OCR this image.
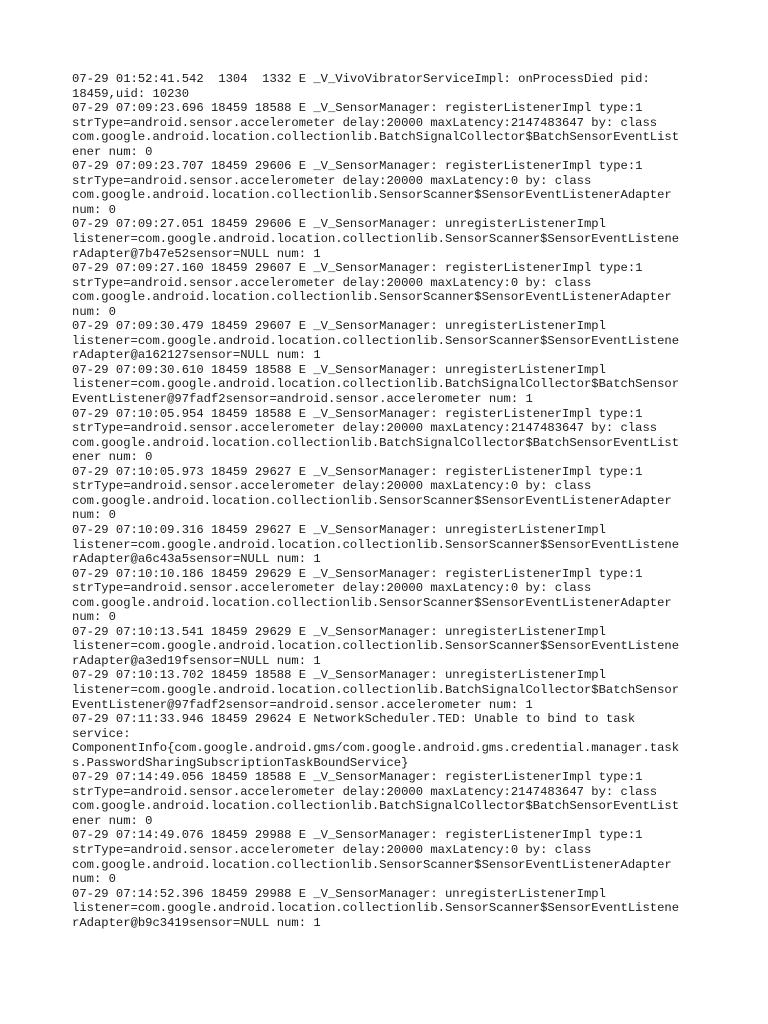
07-29 01:52:41.542  1304  1332 E _V_VivoVibratorServiceImpl: onProcessDied pid:
18459,uid: 10230
07-29 07:09:23.696 18459 18588 E _V_SensorManager: registerListenerImpl type:1
strType=android.sensor.accelerometer delay:20000 maxLatency:2147483647 by: class
com.google.android.location.collectionlib.BatchSignalCollector$BatchSensorEventList
ener num: 0
07-29 07:09:23.707 18459 29606 E _V_SensorManager: registerListenerImpl type:1
strType=android.sensor.accelerometer delay:20000 maxLatency:0 by: class
com.google.android.location.collectionlib.SensorScanner$SensorEventListenerAdapter
num: 0
07-29 07:09:27.051 18459 29606 E _V_SensorManager: unregisterListenerImpl
listener=com.google.android.location.collectionlib.SensorScanner$SensorEventListene
rAdapter@7b47e52sensor=NULL num: 1
07-29 07:09:27.160 18459 29607 E _V_SensorManager: registerListenerImpl type:1
strType=android.sensor.accelerometer delay:20000 maxLatency:0 by: class
com.google.android.location.collectionlib.SensorScanner$SensorEventListenerAdapter
num: 0
07-29 07:09:30.479 18459 29607 E _V_SensorManager: unregisterListenerImpl
listener=com.google.android.location.collectionlib.SensorScanner$SensorEventListene
rAdapter@a162127sensor=NULL num: 1
07-29 07:09:30.610 18459 18588 E _V_SensorManager: unregisterListenerImpl
listener=com.google.android.location.collectionlib.BatchSignalCollector$BatchSensor
EventListener@97fadf2sensor=android.sensor.accelerometer num: 1
07-29 07:10:05.954 18459 18588 E _V_SensorManager: registerListenerImpl type:1
strType=android.sensor.accelerometer delay:20000 maxLatency:2147483647 by: class
com.google.android.location.collectionlib.BatchSignalCollector$BatchSensorEventList
ener num: 0
07-29 07:10:05.973 18459 29627 E _V_SensorManager: registerListenerImpl type:1
strType=android.sensor.accelerometer delay:20000 maxLatency:0 by: class
com.google.android.location.collectionlib.SensorScanner$SensorEventListenerAdapter
num: 0
07-29 07:10:09.316 18459 29627 E _V_SensorManager: unregisterListenerImpl
listener=com.google.android.location.collectionlib.SensorScanner$SensorEventListene
rAdapter@a6c43a5sensor=NULL num: 1
07-29 07:10:10.186 18459 29629 E _V_SensorManager: registerListenerImpl type:1
strType=android.sensor.accelerometer delay:20000 maxLatency:0 by: class
com.google.android.location.collectionlib.SensorScanner$SensorEventListenerAdapter
num: 0
07-29 07:10:13.541 18459 29629 E _V_SensorManager: unregisterListenerImpl
listener=com.google.android.location.collectionlib.SensorScanner$SensorEventListene
rAdapter@a3ed19fsensor=NULL num: 1
07-29 07:10:13.702 18459 18588 E _V_SensorManager: unregisterListenerImpl
listener=com.google.android.location.collectionlib.BatchSignalCollector$BatchSensor
EventListener@97fadf2sensor=android.sensor.accelerometer num: 1
07-29 07:11:33.946 18459 29624 E NetworkScheduler.TED: Unable to bind to task
service:
ComponentInfo{com.google.android.gms/com.google.android.gms.credential.manager.task
s.PasswordSharingSubscriptionTaskBoundService}
07-29 07:14:49.056 18459 18588 E _V_SensorManager: registerListenerImpl type:1
strType=android.sensor.accelerometer delay:20000 maxLatency:2147483647 by: class
com.google.android.location.collectionlib.BatchSignalCollector$BatchSensorEventList
ener num: 0
07-29 07:14:49.076 18459 29988 E _V_SensorManager: registerListenerImpl type:1
strType=android.sensor.accelerometer delay:20000 maxLatency:0 by: class
com.google.android.location.collectionlib.SensorScanner$SensorEventListenerAdapter
num: 0
07-29 07:14:52.396 18459 29988 E _V_SensorManager: unregisterListenerImpl
listener=com.google.android.location.collectionlib.SensorScanner$SensorEventListene
rAdapter@b9c3419sensor=NULL num: 1
